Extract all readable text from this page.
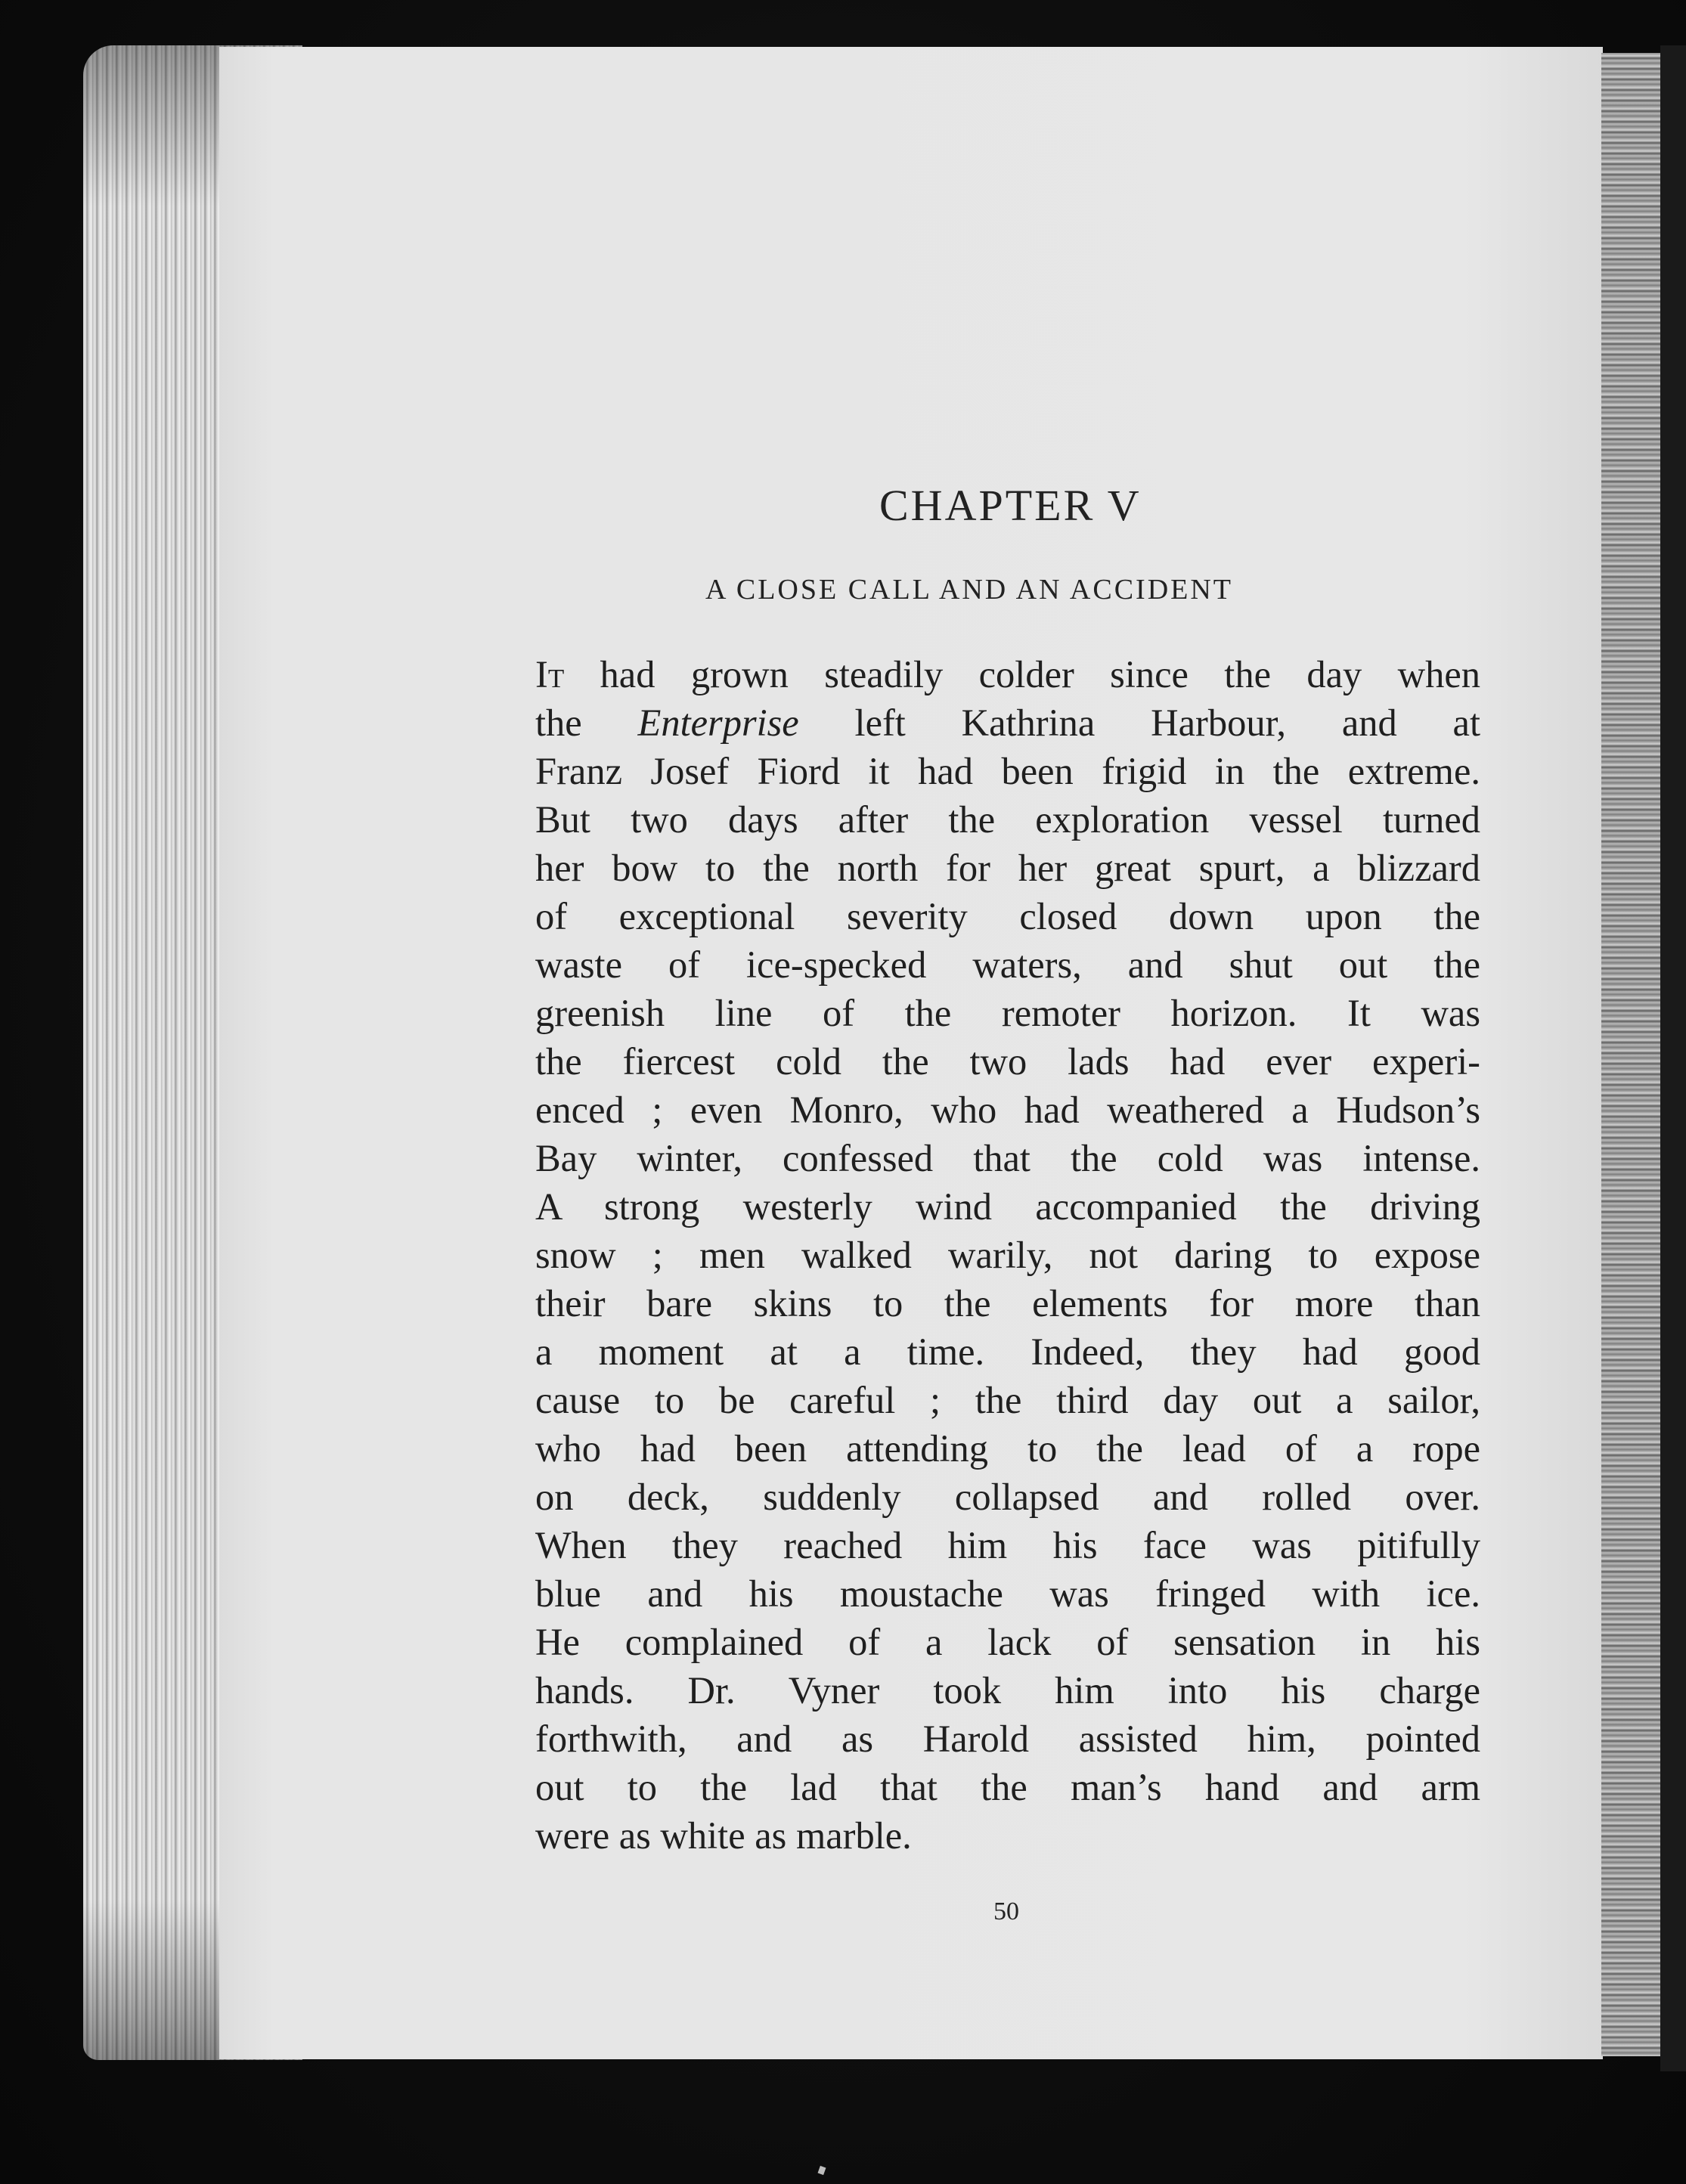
CHAPTER V
A CLOSE CALL AND AN ACCIDENT
It had grown steadily colder since the day when
the Enterprise left Kathrina Harbour, and at
Franz Josef Fiord it had been frigid in the extreme.
But two days after the exploration vessel turned
her bow to the north for her great spurt, a blizzard
of exceptional severity closed down upon the
waste of ice-specked waters, and shut out the
greenish line of the remoter horizon. It was
the fiercest cold the two lads had ever experi-
enced ; even Monro, who had weathered a Hudson’s
Bay winter, confessed that the cold was intense.
A strong westerly wind accompanied the driving
snow ; men walked warily, not daring to expose
their bare skins to the elements for more than
a moment at a time. Indeed, they had good
cause to be careful ; the third day out a sailor,
who had been attending to the lead of a rope
on deck, suddenly collapsed and rolled over.
When they reached him his face was pitifully
blue and his moustache was fringed with ice.
He complained of a lack of sensation in his
hands. Dr. Vyner took him into his charge
forthwith, and as Harold assisted him, pointed
out to the lad that the man’s hand and arm
were as white as marble.
50
